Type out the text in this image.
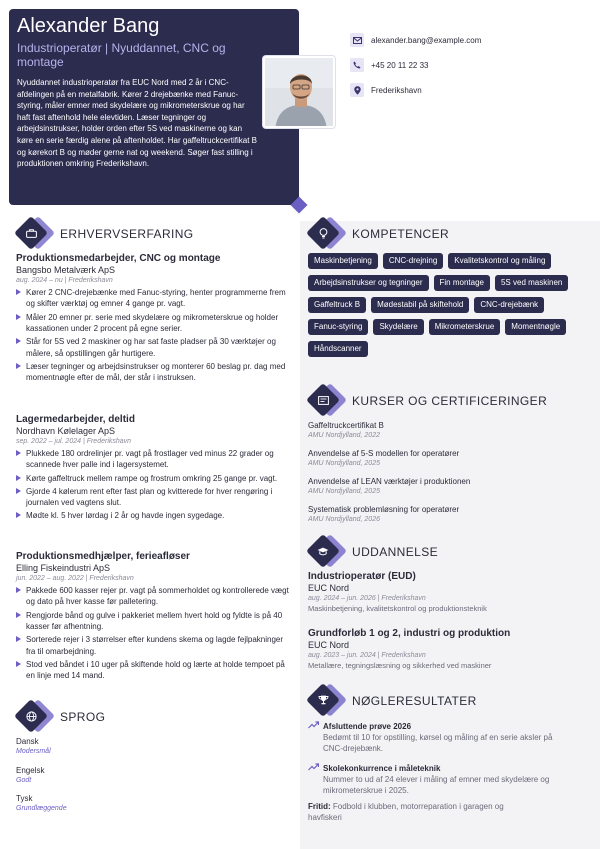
Alexander Bang
Industrioperatør | Nyuddannet, CNC og montage
Nyuddannet industrioperatør fra EUC Nord med 2 år i CNC-afdelingen på en metalfabrik. Kører 2 drejebænke med Fanuc-styring, måler emner med skydelære og mikrometerskrue og har haft fast aftenhold hele elevtiden. Læser tegninger og arbejdsinstrukser, holder orden efter 5S ved maskinerne og kan køre en serie færdig alene på aftenholdet. Har gaffeltruckcertifikat B og kørekort B og møder gerne nat og weekend. Søger fast stilling i produktionen omkring Frederikshavn.
alexander.bang@example.com
+45 20 11 22 33
Frederikshavn
ERHVERVSERFARING
Produktionsmedarbejder, CNC og montage
Bangsbo Metalværk ApS
aug. 2024 – nu | Frederikshavn
Kører 2 CNC-drejebænke med Fanuc-styring, henter programmerne frem og skifter værktøj og emner 4 gange pr. vagt.
Måler 20 emner pr. serie med skydelære og mikrometerskrue og holder kassationen under 2 procent på egne serier.
Står for 5S ved 2 maskiner og har sat faste pladser på 30 værktøjer og målere, så opstillingen går hurtigere.
Læser tegninger og arbejdsinstrukser og monterer 60 beslag pr. dag med momentnøgle efter de mål, der står i instruksen.
Lagermedarbejder, deltid
Nordhavn Kølelager ApS
sep. 2022 – jul. 2024 | Frederikshavn
Plukkede 180 ordrelinjer pr. vagt på frostlager ved minus 22 grader og scannede hver palle ind i lagersystemet.
Kørte gaffeltruck mellem rampe og frostrum omkring 25 gange pr. vagt.
Gjorde 4 kølerum rent efter fast plan og kvitterede for hver rengøring i journalen ved vagtens slut.
Mødte kl. 5 hver lørdag i 2 år og havde ingen sygedage.
Produktionsmedhjælper, ferieafløser
Elling Fiskeindustri ApS
jun. 2022 – aug. 2022 | Frederikshavn
Pakkede 600 kasser rejer pr. vagt på sommerholdet og kontrollerede vægt og dato på hver kasse før palletering.
Rengjorde bånd og gulve i pakkeriet mellem hvert hold og fyldte is på 40 kasser før afhentning.
Sorterede rejer i 3 størrelser efter kundens skema og lagde fejlpakninger fra til omarbejdning.
Stod ved båndet i 10 uger på skiftende hold og lærte at holde tempoet på en linje med 14 mand.
SPROG
Dansk
Modersmål
Engelsk
Godt
Tysk
Grundlæggende
KOMPETENCER
Maskinbetjening	CNC-drejning	Kvalitetskontrol og måling
Arbejdsinstrukser og tegninger	Fin montage	5S ved maskinen
Gaffeltruck B	Mødestabil på skiftehold	CNC-drejebænk
Fanuc-styring	Skydelære	Mikrometerskrue	Momentnøgle
Håndscanner
KURSER OG CERTIFICERINGER
Gaffeltruckcertifikat B
AMU Nordjylland, 2022
Anvendelse af 5-S modellen for operatører
AMU Nordjylland, 2025
Anvendelse af LEAN værktøjer i produktionen
AMU Nordjylland, 2025
Systematisk problemløsning for operatører
AMU Nordjylland, 2026
UDDANNELSE
Industrioperatør (EUD)
EUC Nord
aug. 2024 – jun. 2026 | Frederikshavn
Maskinbetjening, kvalitetskontrol og produktionsteknik
Grundforløb 1 og 2, industri og produktion
EUC Nord
aug. 2023 – jun. 2024 | Frederikshavn
Metallære, tegningslæsning og sikkerhed ved maskiner
NØGLERESULTATER
Afsluttende prøve 2026
Bedømt til 10 for opstilling, kørsel og måling af en serie aksler på CNC-drejebænk.
Skolekonkurrence i måleteknik
Nummer to ud af 24 elever i måling af emner med skydelære og mikrometerskrue i 2025.
Fritid: Fodbold i klubben, motorreparation i garagen og havfiskeri
